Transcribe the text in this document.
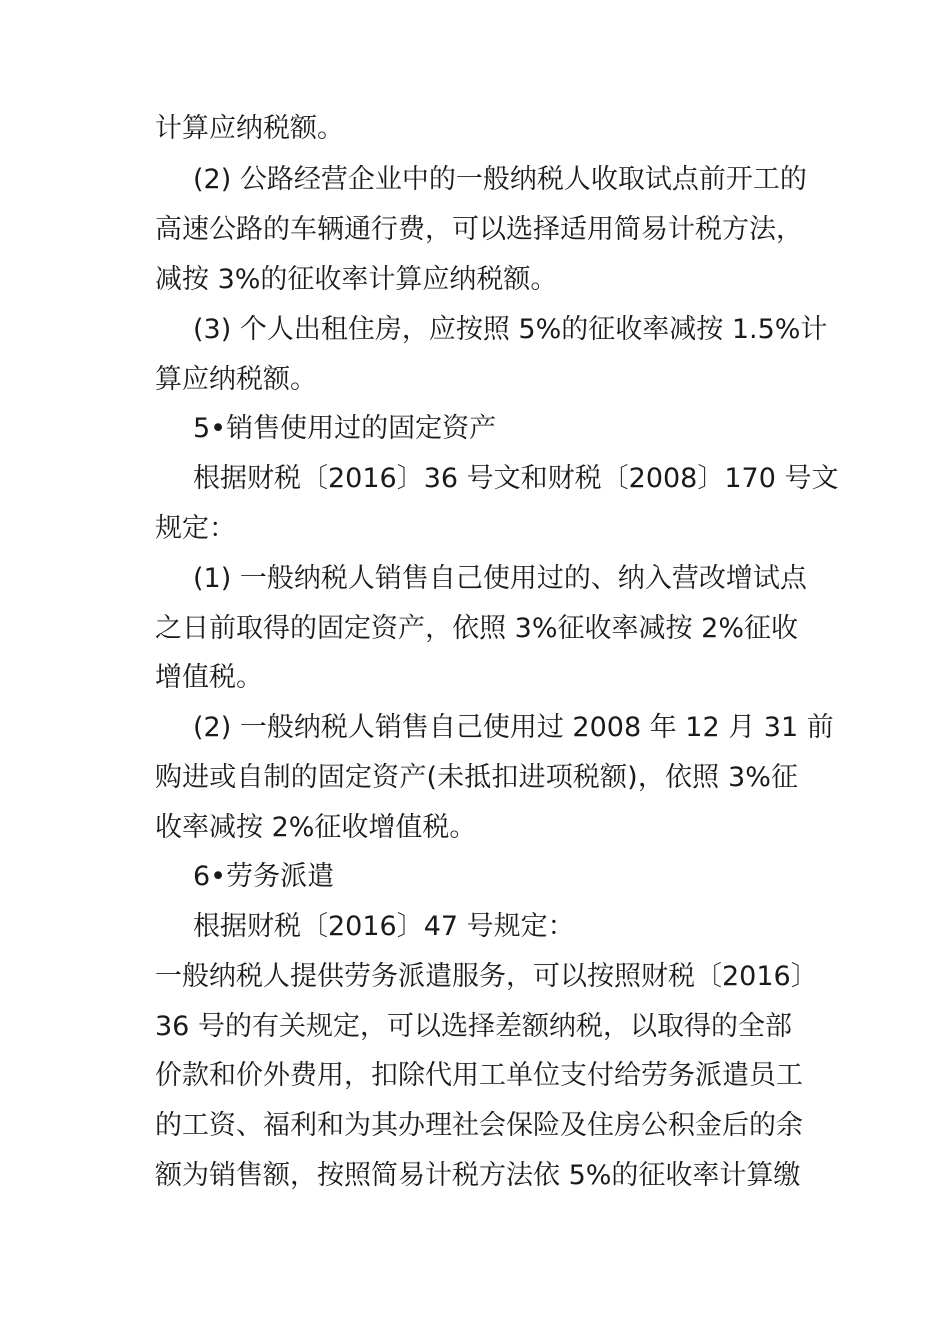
计算应纳税额。

(2) 公路经营企业中的一般纳税人收取试点前开工的

高速公路的车辆通行费，可以选择适用简易计税方法，

减按 3%的征收率计算应纳税额。

(3) 个人出租住房，应按照 5%的征收率减按 1.5%计

算应纳税额。

5•销售使用过的固定资产

根据财税〔2016〕36 号文和财税〔2008〕170 号文

规定：

(1) 一般纳税人销售自己使用过的、纳入营改增试点

之日前取得的固定资产，依照 3%征收率减按 2%征收

增值税。

(2) 一般纳税人销售自己使用过 2008 年 12 月 31 前

购进或自制的固定资产(未抵扣进项税额)，依照 3%征

收率减按 2%征收增值税。

6•劳务派遣

根据财税〔2016〕47 号规定：

一般纳税人提供劳务派遣服务，可以按照财税〔2016〕

36 号的有关规定，可以选择差额纳税，以取得的全部

价款和价外费用，扣除代用工单位支付给劳务派遣员工

的工资、福利和为其办理社会保险及住房公积金后的余

额为销售额，按照简易计税方法依 5%的征收率计算缴
